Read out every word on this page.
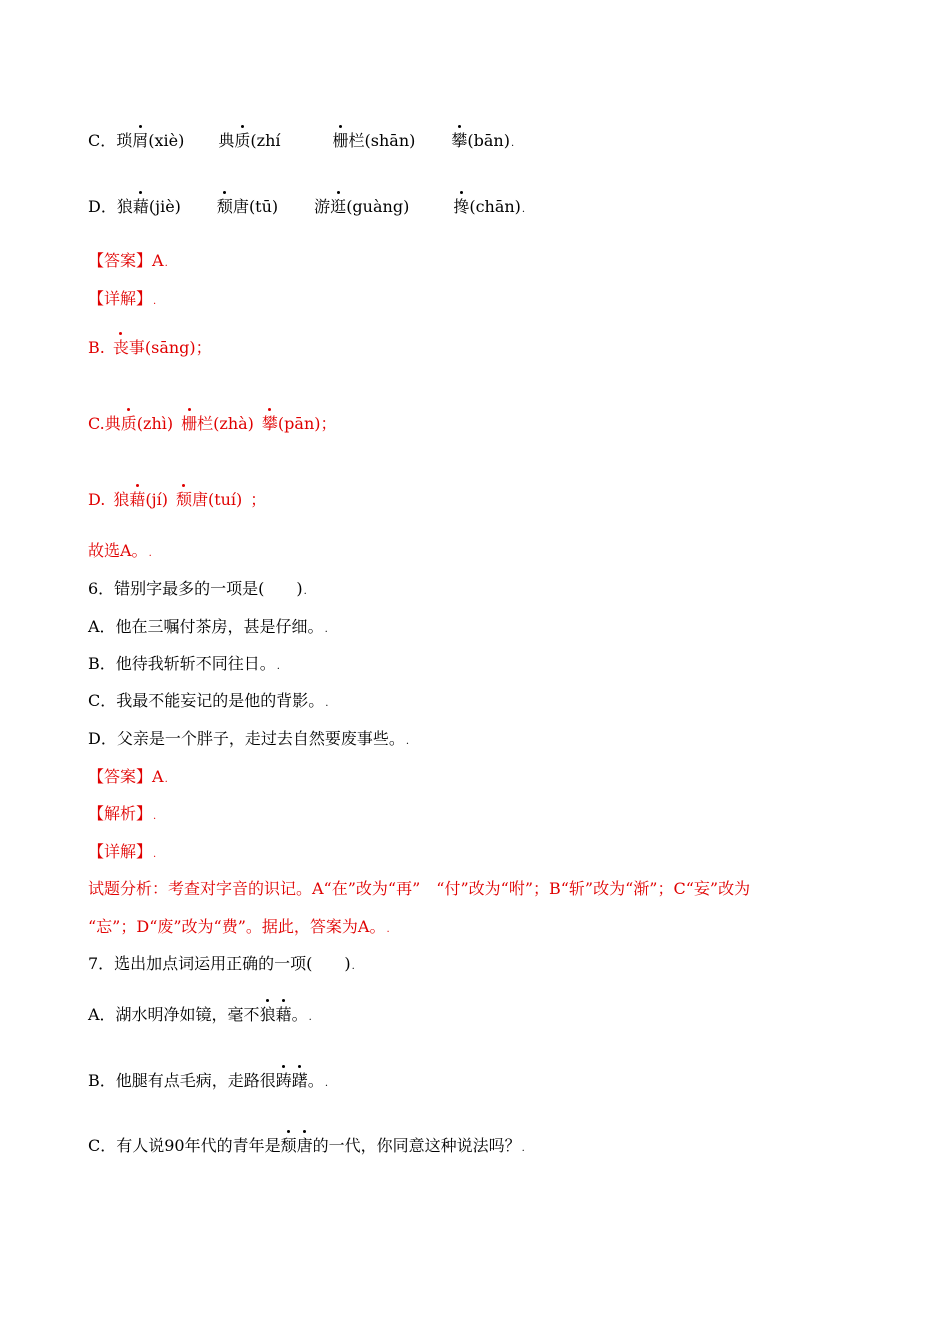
C．琐屑(xiè) 典质(zhí	栅栏(shān) 攀(bān).
D．狼藉(jiè) 颓唐(tū) 游逛(guàng)	搀(chān).
【答案】A.
【详解】.
B. 丧事(sāng)；
C.典质(zhì) 栅栏(zhà) 攀(pān)；
D. 狼藉(jí) 颓唐(tuí) ；
故选A。.
6．错别字最多的一项是(　　).
A．他在三嘱付茶房，甚是仔细。.
B．他待我斩斩不同往日。.
C．我最不能妄记的是他的背影。.
D．父亲是一个胖子，走过去自然要废事些。.
【答案】A.
【解析】.
【详解】.
试题分析：考查对字音的识记。A“在”改为“再”　“付”改为“咐”；B“斩”改为“渐”；C“妄”改为
“忘”；D“废”改为“费”。据此，答案为A。.
7．选出加点词运用正确的一项(　　).
A．湖水明净如镜，毫不狼藉。.
B．他腿有点毛病，走路很踌躇。.
C．有人说90年代的青年是颓唐的一代，你同意这种说法吗？.
